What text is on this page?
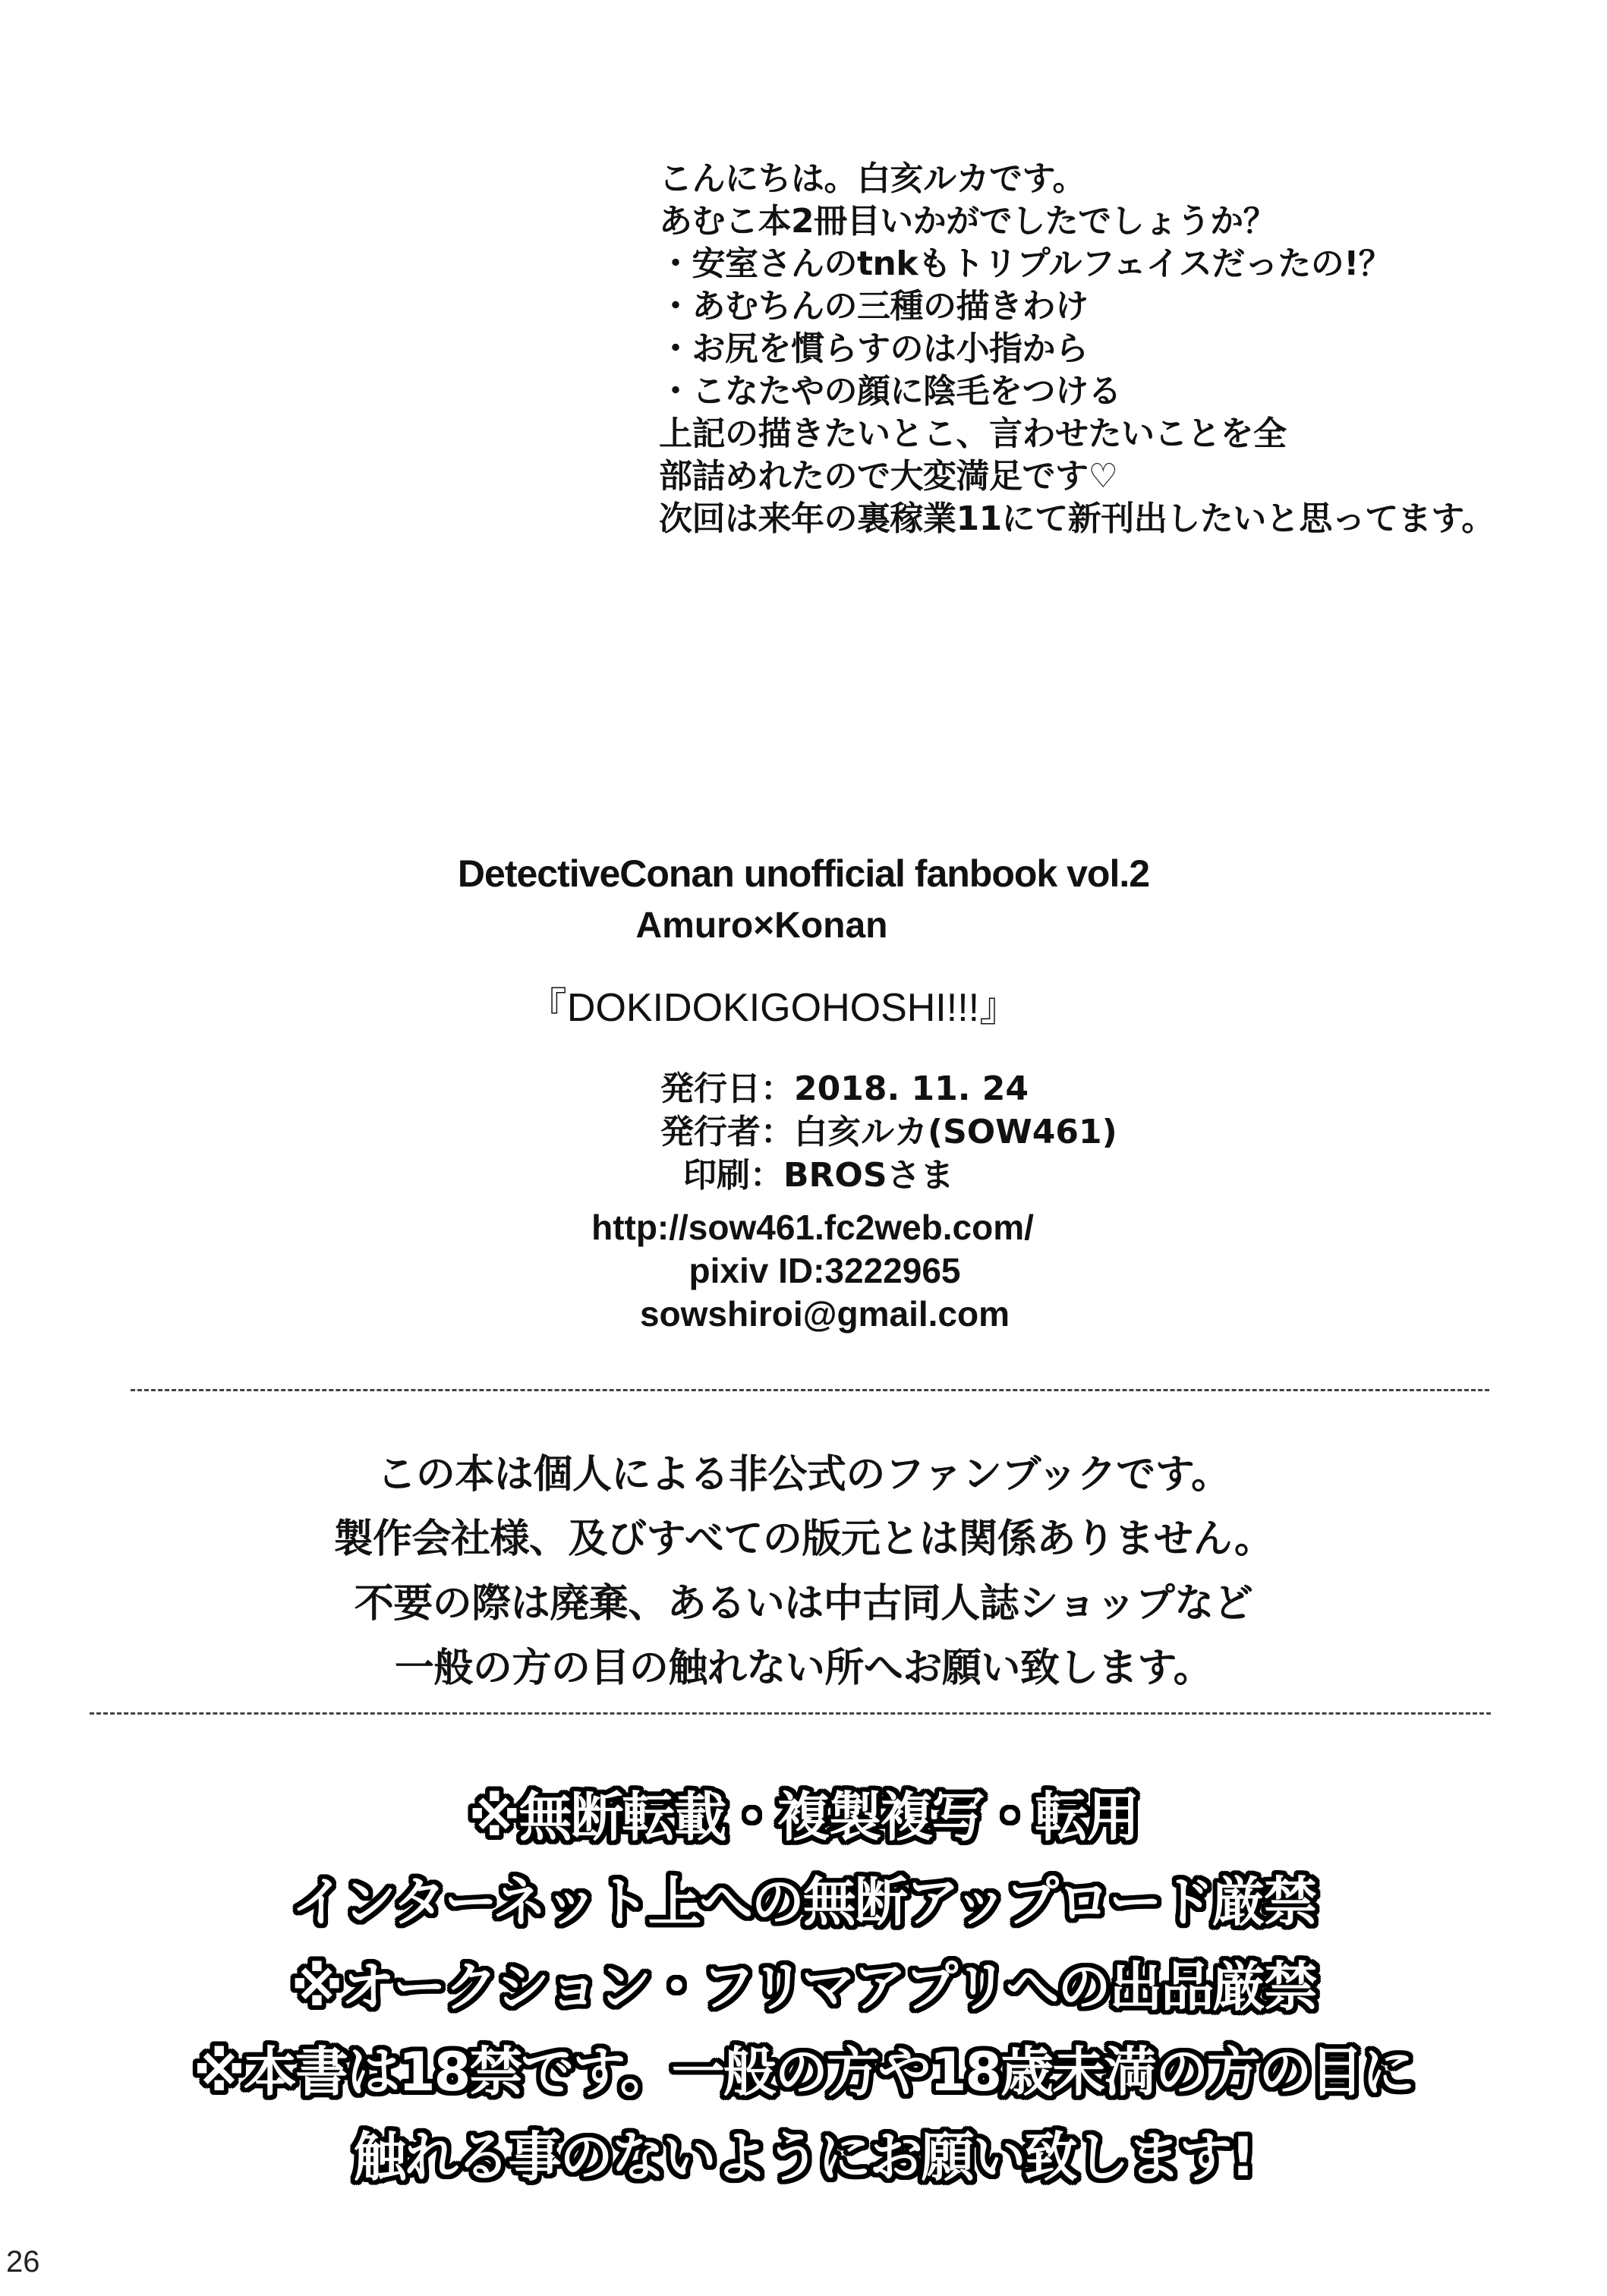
こんにちは。白亥ルカです。
あむこ本2冊目いかがでしたでしょうか？
・安室さんのtnkもトリプルフェイスだったの!？
・あむちんの三種の描きわけ
・お尻を慣らすのは小指から
・こなたやの顔に陰毛をつける
上記の描きたいとこ、言わせたいことを全
部詰めれたので大変満足です♡
次回は来年の裏稼業11にて新刊出したいと思ってます。
DetectiveConan unofficial fanbook vol.2
Amuro×Konan
『DOKIDOKIGOHOSHI!!!』
発行日：2018. 11. 24
発行者：白亥ルカ(SOW461)
印刷：BROSさま
http://sow461.fc2web.com/
pixiv ID:3222965
sowshiroi@gmail.com
この本は個人による非公式のファンブックです。
製作会社様、及びすべての版元とは関係ありません。
不要の際は廃棄、あるいは中古同人誌ショップなど
一般の方の目の触れない所へお願い致します。
※無断転載・複製複写・転用
インターネット上への無断アップロード厳禁
※オークション・フリマアプリへの出品厳禁
※本書は18禁です。一般の方や18歳未満の方の目に
触れる事のないようにお願い致します!
26
